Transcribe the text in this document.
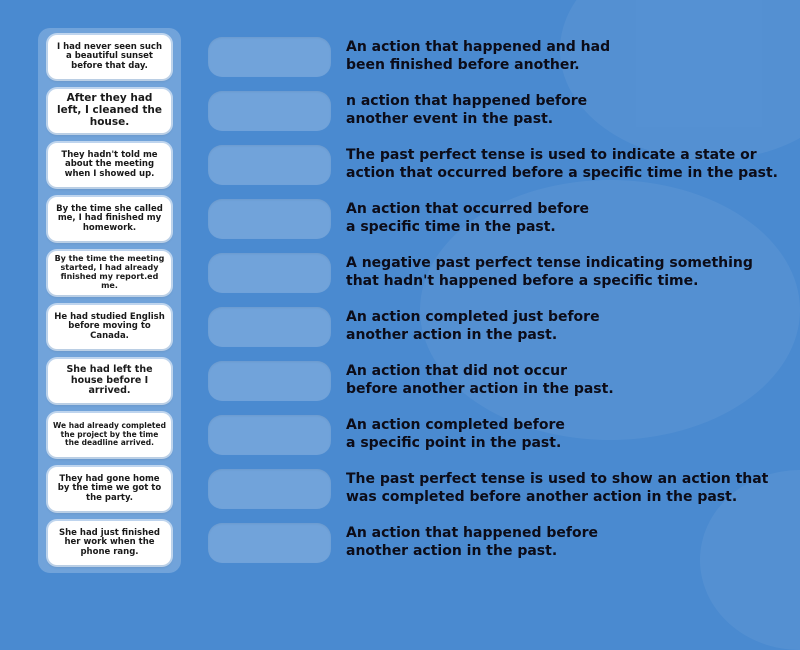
I had never seen such a beautiful sunset before that day.
After they had left, I cleaned the house.
They hadn't told me about the meeting when I showed up.
By the time she called me, I had finished my homework.
By the time the meeting started, I had already finished my report.ed me.
He had studied English before moving to Canada.
She had left the house before I arrived.
We had already completed the project by the time the deadline arrived.
They had gone home by the time we got to the party.
She had just finished her work when the phone rang.
An action that happened and had
been finished before another.
n action that happened before
another event in the past.
The past perfect tense is used to indicate a state or
action that occurred before a specific time in the past.
An action that occurred before
a specific time in the past.
A negative past perfect tense indicating something
that hadn't happened before a specific time.
An action completed just before
another action in the past.
An action that did not occur
before another action in the past.
An action completed before
a specific point in the past.
The past perfect tense is used to show an action that
was completed before another action in the past.
An action that happened before
another action in the past.
